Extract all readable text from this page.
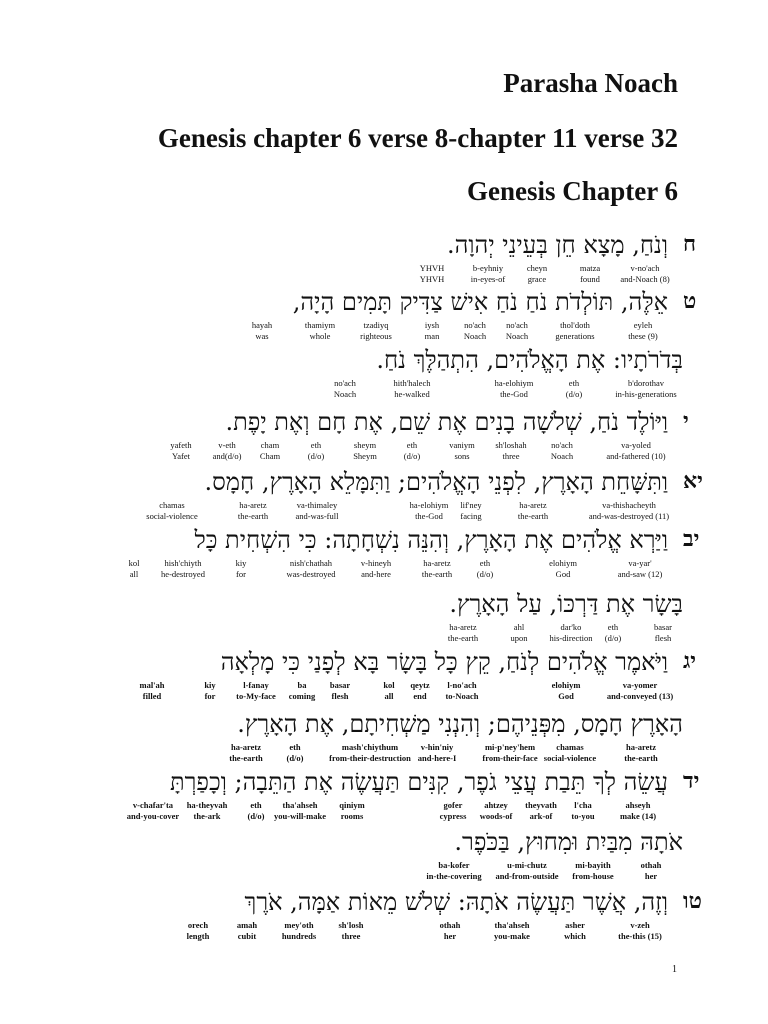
Parasha Noach
Genesis chapter 6 verse 8-chapter 11 verse 32
Genesis Chapter 6
ח
וְנֹחַ, מָצָא חֵן בְּעֵינֵי יְהוָה.
YHVH
YHVH
b-eyhniy
in-eyes-of
cheyn
grace
matza
found
v-no'ach
and-Noach (8)
ט
אֵלֶּה, תּוֹלְדֹת נֹחַ נֹחַ אִישׁ צַדִּיק תָּמִים הָיָה,
hayah
was
thamiym
whole
tzadiyq
righteous
iysh
man
no'ach
Noach
no'ach
Noach
thol'doth
generations
eyleh
these (9)
בְּדֹרֹתָיו: אֶת הָאֱלֹהִים, הִתְהַלֶּךְ נֹחַ.
no'ach
Noach
hith'halech
he-walked
ha-elohiym
the-God
eth
(d/o)
b'dorothav
in-his-generations
י
וַיּוֹלֶד נֹחַ, שְׁלֹשָׁה בָנִים אֶת שֵׁם, אֶת חָם וְאֶת יָפֶת.
yafeth
Yafet
v-eth
and(d/o)
cham
Cham
eth
(d/o)
sheym
Sheym
eth
(d/o)
vaniym
sons
sh'loshah
three
no'ach
Noach
va-yoled
and-fathered (10)
יא
וַתִּשָּׁחֵת הָאָרֶץ, לִפְנֵי הָאֱלֹהִים; וַתִּמָּלֵא הָאָרֶץ, חָמָס.
chamas
social-violence
ha-aretz
the-earth
va-thimaley
and-was-full
ha-elohiym
the-God
lif'ney
facing
ha-aretz
the-earth
va-thishacheyth
and-was-destroyed (11)
יב
וַיַּרְא אֱלֹהִים אֶת הָאָרֶץ, וְהִנֵּה נִשְׁחָתָה: כִּי הִשְׁחִית כָּל
kol
all
hish'chiyth
he-destroyed
kiy
for
nish'chathah
was-destroyed
v-hineyh
and-here
ha-aretz
the-earth
eth
(d/o)
elohiym
God
va-yar'
and-saw (12)
בָּשָׂר אֶת דַּרְכּוֹ, עַל הָאָרֶץ.
ha-aretz
the-earth
ahl
upon
dar'ko
his-direction
eth
(d/o)
basar
flesh
יג
וַיֹּאמֶר אֱלֹהִים לְנֹחַ, קֵץ כָּל בָּשָׂר בָּא לְפָנַי כִּי מָלְאָה
mal'ah
filled
kiy
for
l-fanay
to-My-face
ba
coming
basar
flesh
kol
all
qeytz
end
l-no'ach
to-Noach
elohiym
God
va-yomer
and-conveyed (13)
הָאָרֶץ חָמָס, מִפְּנֵיהֶם; וְהִנְנִי מַשְׁחִיתָם, אֶת הָאָרֶץ.
ha-aretz
the-earth
eth
(d/o)
mash'chiythum
from-their-destruction
v-hin'niy
and-here-I
mi-p'ney'hem
from-their-face
chamas
social-violence
ha-aretz
the-earth
יד
עֲשֵׂה לְךָ תֵּבַת עֲצֵי גֹפֶר, קִנִּים תַּעֲשֶׂה אֶת הַתֵּבָה; וְכָפַרְתָּ
v-chafar'ta
and-you-cover
ha-theyvah
the-ark
eth
(d/o)
tha'ahseh
you-will-make
qiniym
rooms
gofer
cypress
ahtzey
woods-of
theyvath
ark-of
l'cha
to-you
ahseyh
make (14)
אֹתָהּ מִבַּיִת וּמִחוּץ, בַּכֹּפֶר.
ba-kofer
in-the-covering
u-mi-chutz
and-from-outside
mi-bayith
from-house
othah
her
טו
וְזֶה, אֲשֶׁר תַּעֲשֶׂה אֹתָהּ: שְׁלֹשׁ מֵאוֹת אַמָּה, אֹרֶךְ
orech
length
amah
cubit
mey'oth
hundreds
sh'losh
three
othah
her
tha'ahseh
you-make
asher
which
v-zeh
the-this (15)
1
